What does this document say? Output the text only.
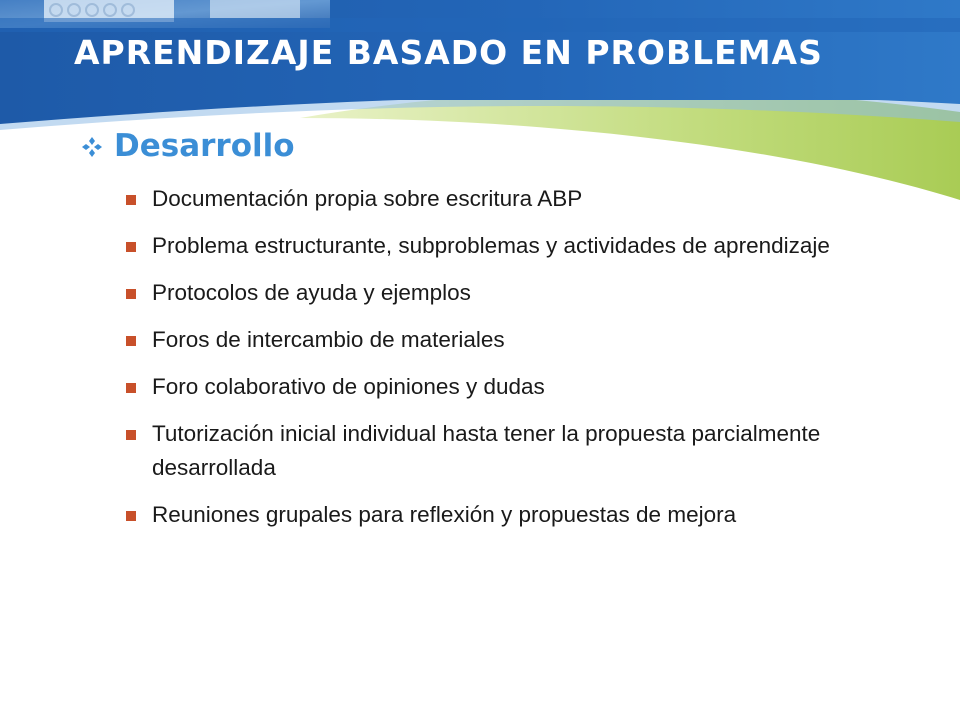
APRENDIZAJE BASADO EN PROBLEMAS
Desarrollo
Documentación propia sobre escritura ABP
Problema estructurante, subproblemas y actividades de aprendizaje
Protocolos de ayuda y ejemplos
Foros de intercambio de materiales
Foro colaborativo de opiniones y dudas
Tutorización inicial individual hasta tener la propuesta parcialmente desarrollada
Reuniones grupales para reflexión y propuestas de mejora
